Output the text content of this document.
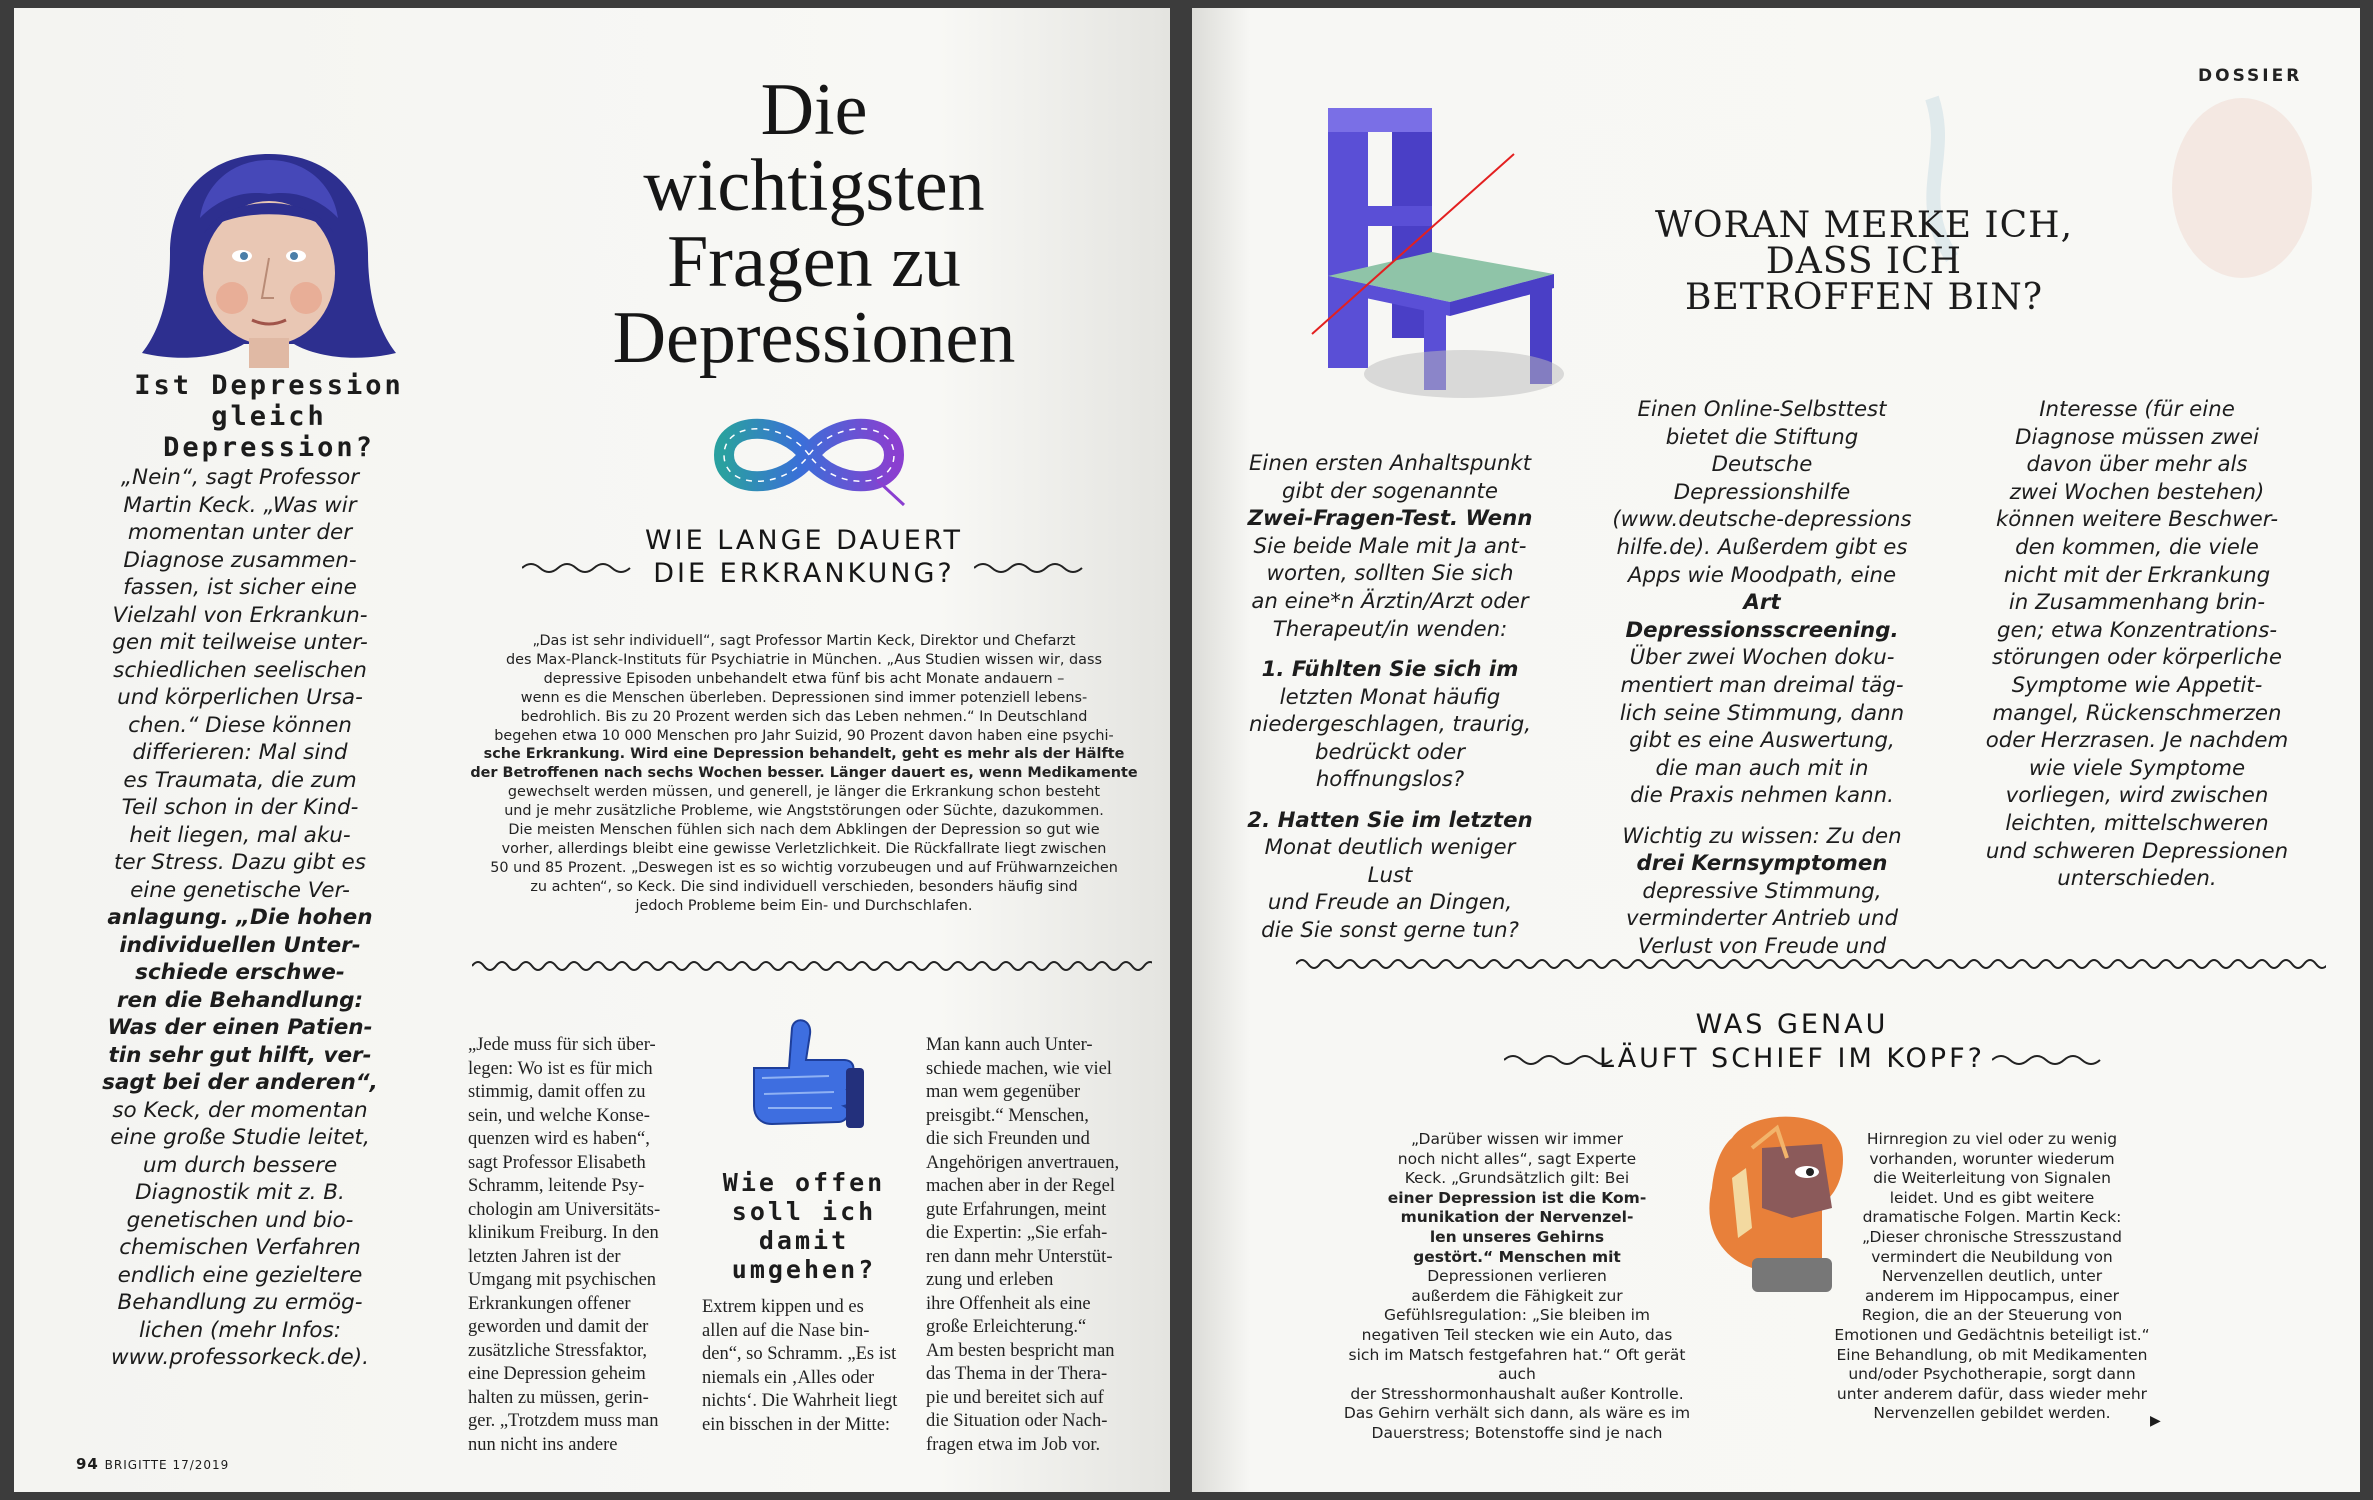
Ist Depression
gleich Depression?
„Nein“, sagt Professor
Martin Keck. „Was wir
momentan unter der
Diagnose zusammen-
fassen, ist sicher eine
Vielzahl von Erkrankun-
gen mit teilweise unter-
schiedlichen seelischen
und körperlichen Ursa-
chen.“ Diese können
differieren: Mal sind
es Traumata, die zum
Teil schon in der Kind-
heit liegen, mal aku-
ter Stress. Dazu gibt es
eine genetische Ver-
anlagung. „Die hohen
individuellen Unter-
schiede erschwe-
ren die Behandlung:
Was der einen Patien-
tin sehr gut hilft, ver-
sagt bei der anderen“,
so Keck, der momentan
eine große Studie leitet,
um durch bessere
Diagnostik mit z. B.
genetischen und bio-
chemischen Verfahren
endlich eine gezieltere
Behandlung zu ermög-
lichen (mehr Infos:
www.professorkeck.de).
Die
wichtigsten
Fragen zu
Depressionen
WIE LANGE DAUERT
DIE ERKRANKUNG?
„Das ist sehr individuell“, sagt Professor Martin Keck, Direktor und Chefarzt
des Max-Planck-Instituts für Psychiatrie in München. „Aus Studien wissen wir, dass
depressive Episoden unbehandelt etwa fünf bis acht Monate andauern –
wenn es die Menschen überleben. Depressionen sind immer potenziell lebens-
bedrohlich. Bis zu 20 Prozent werden sich das Leben nehmen.“ In Deutschland
begehen etwa 10 000 Menschen pro Jahr Suizid, 90 Prozent davon haben eine psychi-
sche Erkrankung. Wird eine Depression behandelt, geht es mehr als der Hälfte
der Betroffenen nach sechs Wochen besser. Länger dauert es, wenn Medikamente
gewechselt werden müssen, und generell, je länger die Erkrankung schon besteht
und je mehr zusätzliche Probleme, wie Angststörungen oder Süchte, dazukommen.
Die meisten Menschen fühlen sich nach dem Abklingen der Depression so gut wie
vorher, allerdings bleibt eine gewisse Verletzlichkeit. Die Rückfallrate liegt zwischen
50 und 85 Prozent. „Deswegen ist es so wichtig vorzubeugen und auf Frühwarnzeichen
zu achten“, so Keck. Die sind individuell verschieden, besonders häufig sind
jedoch Probleme beim Ein- und Durchschlafen.
Wie offen
soll ich damit
umgehen?
„Jede muss für sich über-
legen: Wo ist es für mich
stimmig, damit offen zu
sein, und welche Konse-
quenzen wird es haben“,
sagt Professor Elisabeth
Schramm, leitende Psy-
chologin am Universitäts-
klinikum Freiburg. In den
letzten Jahren ist der
Umgang mit psychischen
Erkrankungen offener
geworden und damit der
zusätzliche Stressfaktor,
eine Depression geheim
halten zu müssen, gerin-
ger. „Trotzdem muss man
nun nicht ins andere
Extrem kippen und es
allen auf die Nase bin-
den“, so Schramm. „Es ist
niemals ein ‚Alles oder
nichts‘. Die Wahrheit liegt
ein bisschen in der Mitte:
Man kann auch Unter-
schiede machen, wie viel
man wem gegenüber
preisgibt.“ Menschen,
die sich Freunden und
Angehörigen anvertrauen,
machen aber in der Regel
gute Erfahrungen, meint
die Expertin: „Sie erfah-
ren dann mehr Unterstüt-
zung und erleben
ihre Offenheit als eine
große Erleichterung.“
Am besten bespricht man
das Thema in der Thera-
pie und bereitet sich auf
die Situation oder Nach-
fragen etwa im Job vor.
94 BRIGITTE 17/2019
DOSSIER
WORAN MERKE ICH,
DASS ICH
BETROFFEN BIN?
Einen ersten Anhaltspunkt
gibt der sogenannte
Zwei-Fragen-Test. Wenn
Sie beide Male mit Ja ant-
worten, sollten Sie sich
an eine*n Ärztin/Arzt oder
Therapeut/in wenden:
1. Fühlten Sie sich im
letzten Monat häufig
niedergeschlagen, traurig,
bedrückt oder hoffnungslos?
2. Hatten Sie im letzten
Monat deutlich weniger Lust
und Freude an Dingen,
die Sie sonst gerne tun?
Einen Online-Selbsttest
bietet die Stiftung Deutsche
Depressionshilfe
(www.deutsche-depressions
hilfe.de). Außerdem gibt es
Apps wie Moodpath, eine
Art Depressionsscreening.
Über zwei Wochen doku-
mentiert man dreimal täg-
lich seine Stimmung, dann
gibt es eine Auswertung,
die man auch mit in
die Praxis nehmen kann.
Wichtig zu wissen: Zu den
drei Kernsymptomen
depressive Stimmung,
verminderter Antrieb und
Verlust von Freude und
Interesse (für eine
Diagnose müssen zwei
davon über mehr als
zwei Wochen bestehen)
können weitere Beschwer-
den kommen, die viele
nicht mit der Erkrankung
in Zusammenhang brin-
gen; etwa Konzentrations-
störungen oder körperliche
Symptome wie Appetit-
mangel, Rückenschmerzen
oder Herzrasen. Je nachdem
wie viele Symptome
vorliegen, wird zwischen
leichten, mittelschweren
und schweren Depressionen
unterschieden.
WAS GENAU
LÄUFT SCHIEF IM KOPF?
„Darüber wissen wir immer
noch nicht alles“, sagt Experte
Keck. „Grundsätzlich gilt: Bei
einer Depression ist die Kom-
munikation der Nervenzel-
len unseres Gehirns
gestört.“ Menschen mit
Depressionen verlieren
außerdem die Fähigkeit zur
Gefühlsregulation: „Sie bleiben im
negativen Teil stecken wie ein Auto, das
sich im Matsch festgefahren hat.“ Oft gerät auch
der Stresshormonhaushalt außer Kontrolle.
Das Gehirn verhält sich dann, als wäre es im
Dauerstress; Botenstoffe sind je nach
Hirnregion zu viel oder zu wenig
vorhanden, worunter wiederum
die Weiterleitung von Signalen
leidet. Und es gibt weitere
dramatische Folgen. Martin Keck:
„Dieser chronische Stresszustand
vermindert die Neubildung von
Nervenzellen deutlich, unter
anderem im Hippocampus, einer
Region, die an der Steuerung von
Emotionen und Gedächtnis beteiligt ist.“
Eine Behandlung, ob mit Medikamenten
und/oder Psychotherapie, sorgt dann
unter anderem dafür, dass wieder mehr
Nervenzellen gebildet werden.	▶
